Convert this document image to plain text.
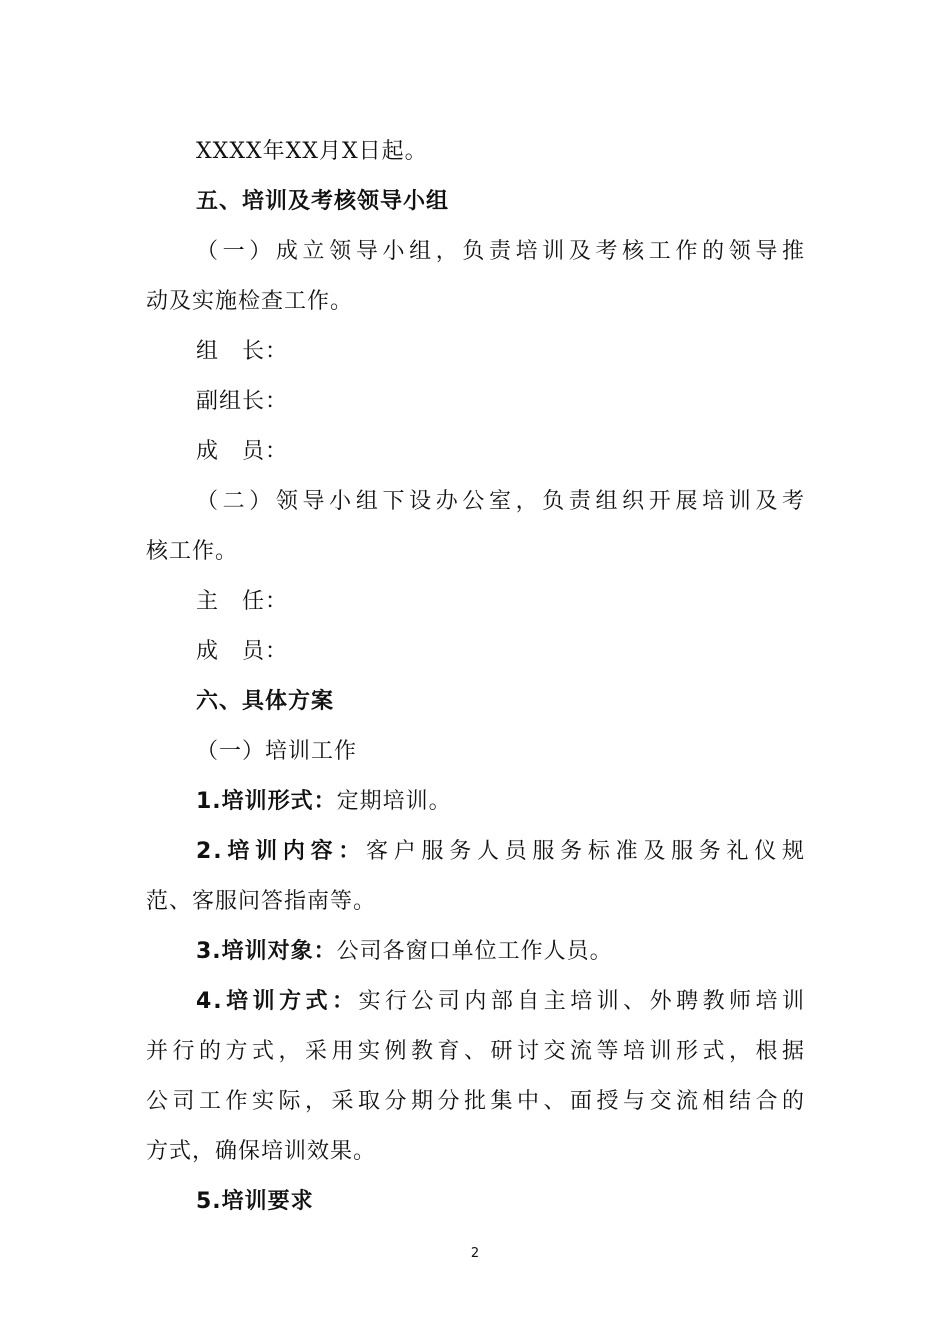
XXXX年XX月X日起。
五、培训及考核领导小组
（一）成立领导小组，负责培训及考核工作的领导推
动及实施检查工作。
组　长：
副组长：
成　员：
（二）领导小组下设办公室，负责组织开展培训及考
核工作。
主　任：
成　员：
六、具体方案
（一）培训工作
1.培训形式：定期培训。
2.培训内容：客户服务人员服务标准及服务礼仪规
范、客服问答指南等。
3.培训对象：公司各窗口单位工作人员。
4.培训方式：实行公司内部自主培训、外聘教师培训
并行的方式，采用实例教育、研讨交流等培训形式，根据
公司工作实际，采取分期分批集中、面授与交流相结合的
方式，确保培训效果。
5.培训要求
2
